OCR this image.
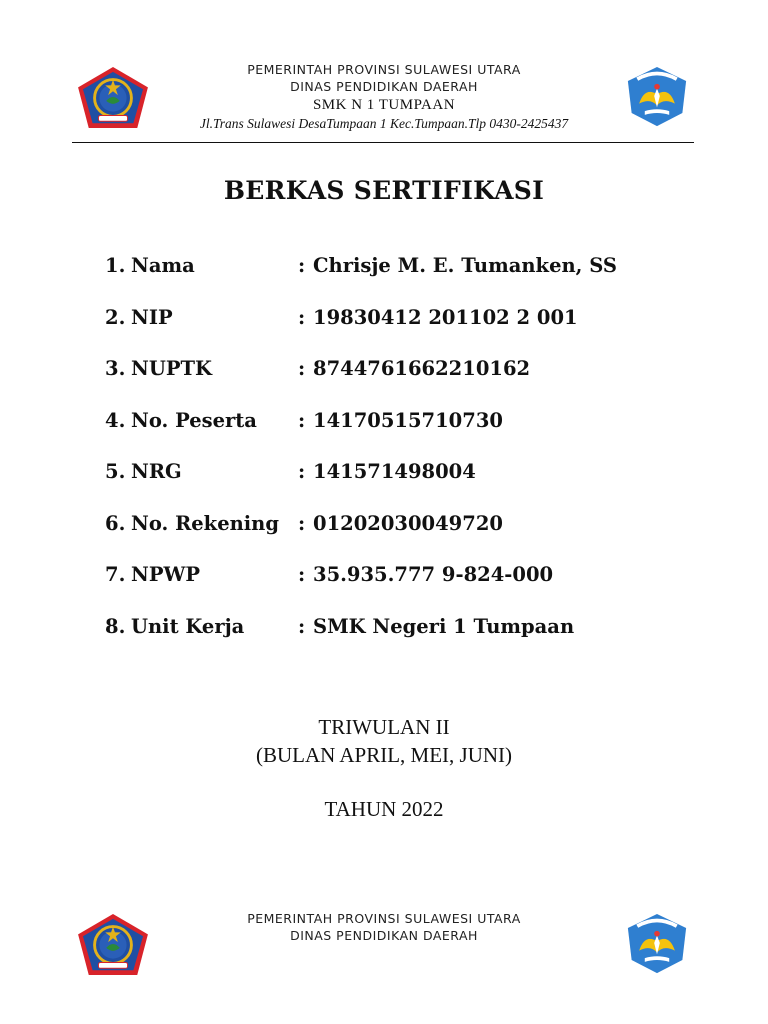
PEMERINTAH PROVINSI SULAWESI UTARA
DINAS PENDIDIKAN DAERAH
SMK N 1 TUMPAAN
Jl.Trans Sulawesi DesaTumpaan 1 Kec.Tumpaan.Tlp 0430-2425437
BERKAS SERTIFIKASI
1. Nama	: Chrisje M. E. Tumanken, SS
2. NIP	: 19830412 201102 2 001
3. NUPTK	: 8744761662210162
4. No. Peserta : 14170515710730
5. NRG	: 141571498004
6. No. Rekening : 01202030049720
7. NPWP	: 35.935.777 9-824-000
8. Unit Kerja	: SMK Negeri 1 Tumpaan
TRIWULAN II
(BULAN APRIL, MEI, JUNI)
TAHUN 2022
PEMERINTAH PROVINSI SULAWESI UTARA
DINAS PENDIDIKAN DAERAH
